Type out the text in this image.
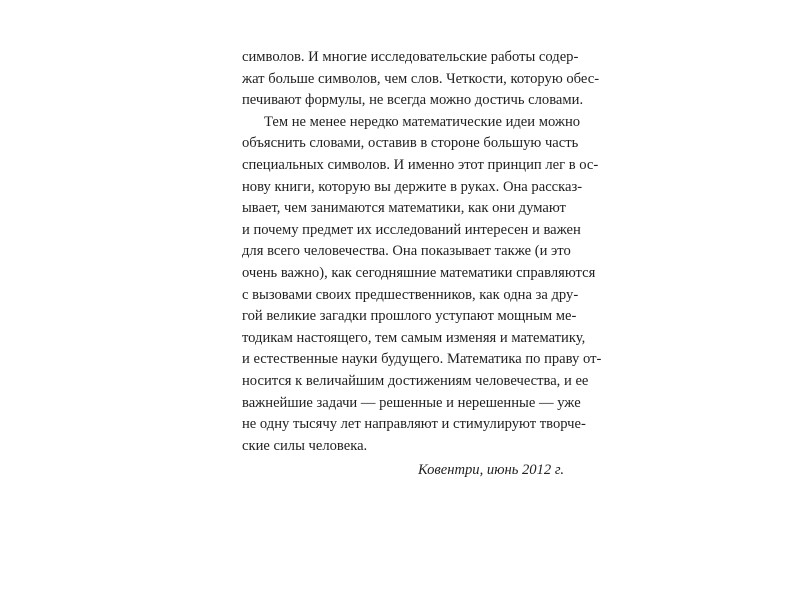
символов. И многие исследовательские работы содер-
жат больше символов, чем слов. Четкости, которую обес-
печивают формулы, не всегда можно достичь словами.
Тем не менее нередко математические идеи можно
объяснить словами, оставив в стороне большую часть
специальных символов. И именно этот принцип лег в ос-
нову книги, которую вы держите в руках. Она рассказ-
ывает, чем занимаются математики, как они думают
и почему предмет их исследований интересен и важен
для всего человечества. Она показывает также (и это
очень важно), как сегодняшние математики справляются
с вызовами своих предшественников, как одна за дру-
гой великие загадки прошлого уступают мощным ме-
тодикам настоящего, тем самым изменяя и математику,
и естественные науки будущего. Математика по праву от-
носится к величайшим достижениям человечества, и ее
важнейшие задачи — решенные и нерешенные — уже
не одну тысячу лет направляют и стимулируют творче-
ские силы человека.
Ковентри, июнь 2012 г.
